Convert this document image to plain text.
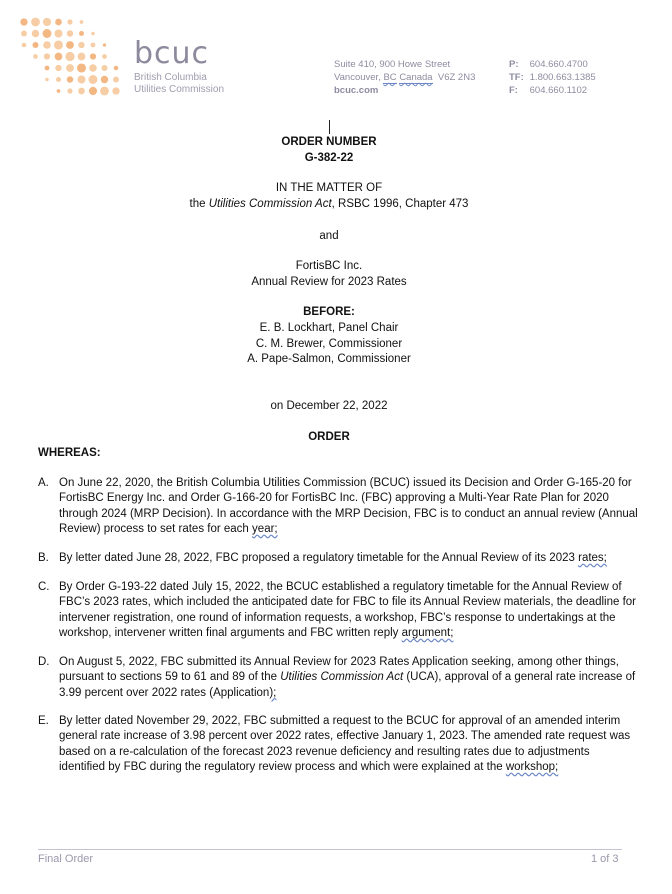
bcuc
British Columbia
Utilities Commission
Suite 410, 900 Howe Street
Vancouver, BC Canada V6Z 2N3
bcuc.com
P: 604.660.4700
TF: 1.800.663.1385
F: 604.660.1102
ORDER NUMBER
G-382-22
IN THE MATTER OF
the Utilities Commission Act, RSBC 1996, Chapter 473
and
FortisBC Inc.
Annual Review for 2023 Rates
BEFORE:
E. B. Lockhart, Panel Chair
C. M. Brewer, Commissioner
A. Pape-Salmon, Commissioner
on December 22, 2022
ORDER
WHEREAS:
A. On June 22, 2020, the British Columbia Utilities Commission (BCUC) issued its Decision and Order G-165-20 for FortisBC Energy Inc. and Order G-166-20 for FortisBC Inc. (FBC) approving a Multi-Year Rate Plan for 2020 through 2024 (MRP Decision). In accordance with the MRP Decision, FBC is to conduct an annual review (Annual Review) process to set rates for each year;
B. By letter dated June 28, 2022, FBC proposed a regulatory timetable for the Annual Review of its 2023 rates;
C. By Order G-193-22 dated July 15, 2022, the BCUC established a regulatory timetable for the Annual Review of FBC’s 2023 rates, which included the anticipated date for FBC to file its Annual Review materials, the deadline for intervener registration, one round of information requests, a workshop, FBC’s response to undertakings at the workshop, intervener written final arguments and FBC written reply argument;
D. On August 5, 2022, FBC submitted its Annual Review for 2023 Rates Application seeking, among other things, pursuant to sections 59 to 61 and 89 of the Utilities Commission Act (UCA), approval of a general rate increase of 3.99 percent over 2022 rates (Application);
E. By letter dated November 29, 2022, FBC submitted a request to the BCUC for approval of an amended interim general rate increase of 3.98 percent over 2022 rates, effective January 1, 2023. The amended rate request was based on a re-calculation of the forecast 2023 revenue deficiency and resulting rates due to adjustments identified by FBC during the regulatory review process and which were explained at the workshop;
Final Order	1 of 3
